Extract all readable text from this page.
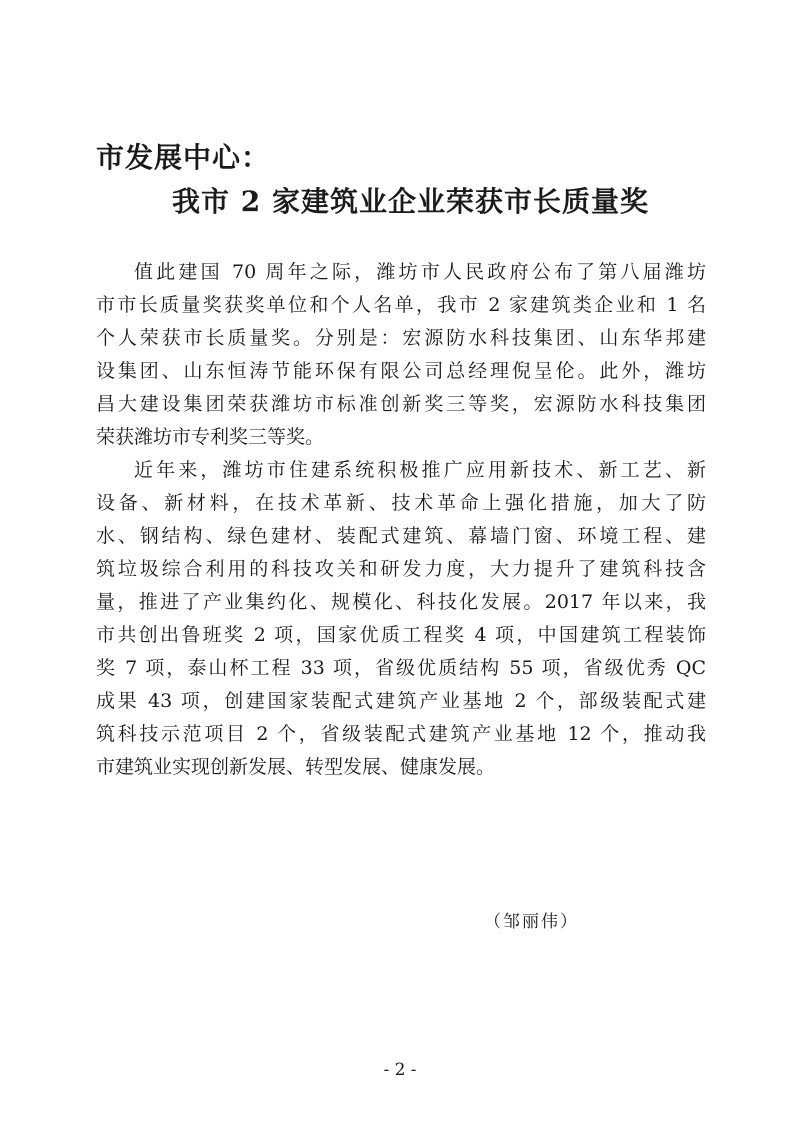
市发展中心：
我市 2 家建筑业企业荣获市长质量奖
值此建国 70 周年之际，潍坊市人民政府公布了第八届潍坊
市市长质量奖获奖单位和个人名单，我市 2 家建筑类企业和 1 名
个人荣获市长质量奖。分别是：宏源防水科技集团、山东华邦建
设集团、山东恒涛节能环保有限公司总经理倪呈伦。此外，潍坊
昌大建设集团荣获潍坊市标准创新奖三等奖，宏源防水科技集团
荣获潍坊市专利奖三等奖。
近年来，潍坊市住建系统积极推广应用新技术、新工艺、新
设备、新材料，在技术革新、技术革命上强化措施，加大了防
水、钢结构、绿色建材、装配式建筑、幕墙门窗、环境工程、建
筑垃圾综合利用的科技攻关和研发力度，大力提升了建筑科技含
量，推进了产业集约化、规模化、科技化发展。2017 年以来，我
市共创出鲁班奖 2 项，国家优质工程奖 4 项，中国建筑工程装饰
奖 7 项，泰山杯工程 33 项，省级优质结构 55 项，省级优秀 QC
成果 43 项，创建国家装配式建筑产业基地 2 个，部级装配式建
筑科技示范项目 2 个，省级装配式建筑产业基地 12 个，推动我
市建筑业实现创新发展、转型发展、健康发展。
（邹丽伟）
- 2 -
